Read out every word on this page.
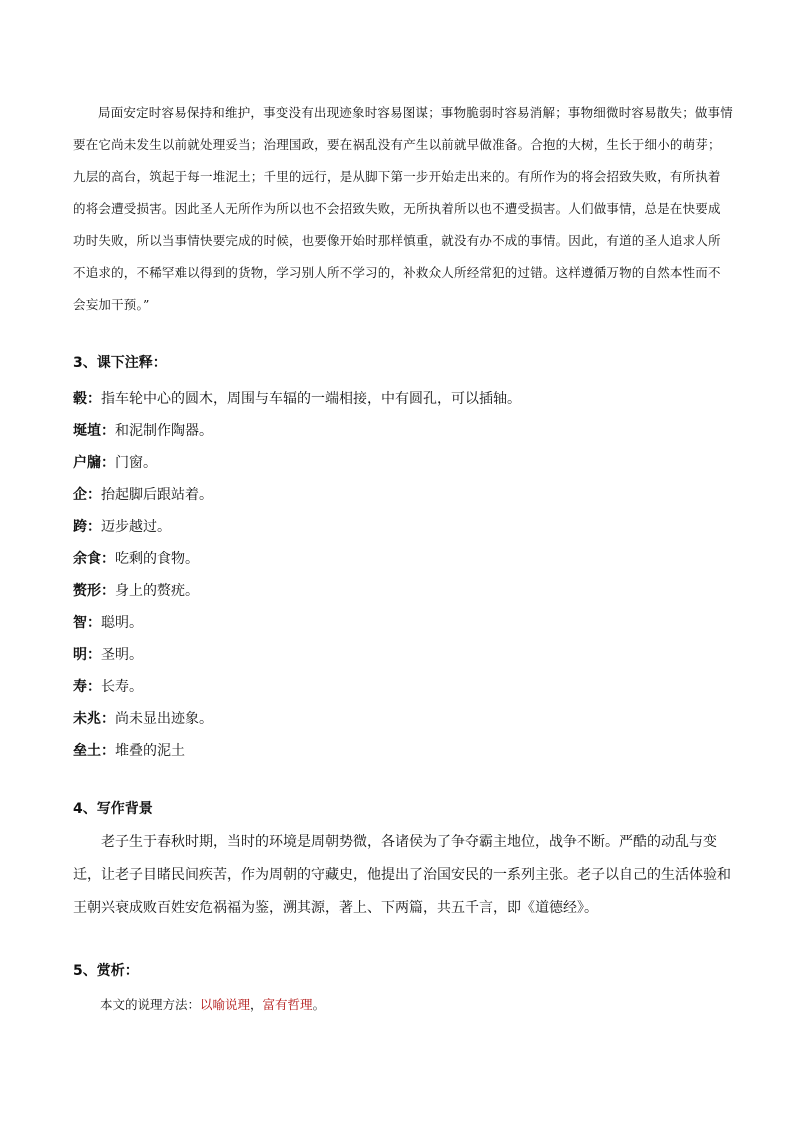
局面安定时容易保持和维护，事变没有出现迹象时容易图谋；事物脆弱时容易消解；事物细微时容易散失；做事情要在它尚未发生以前就处理妥当；治理国政，要在祸乱没有产生以前就早做准备。合抱的大树，生长于细小的萌芽；九层的高台，筑起于每一堆泥土；千里的远行，是从脚下第一步开始走出来的。有所作为的将会招致失败，有所执着的将会遭受损害。因此圣人无所作为所以也不会招致失败，无所执着所以也不遭受损害。人们做事情，总是在快要成功时失败，所以当事情快要完成的时候，也要像开始时那样慎重，就没有办不成的事情。因此，有道的圣人追求人所不追求的，不稀罕难以得到的货物，学习别人所不学习的，补救众人所经常犯的过错。这样遵循万物的自然本性而不会妄加干预。”

3、课下注释：
毂：指车轮中心的圆木，周围与车辐的一端相接，中有圆孔，可以插轴。
埏埴：和泥制作陶器。
户牖：门窗。
企：抬起脚后跟站着。
跨：迈步越过。
余食：吃剩的食物。
赘形：身上的赘疣。
智：聪明。
明：圣明。
寿：长寿。
未兆：尚未显出迹象。
垒土：堆叠的泥土
4、写作背景

老子生于春秋时期，当时的环境是周朝势微，各诸侯为了争夺霸主地位，战争不断。严酷的动乱与变迁，让老子目睹民间疾苦，作为周朝的守藏史，他提出了治国安民的一系列主张。老子以自己的生活体验和王朝兴衰成败百姓安危祸福为鉴，溯其源，著上、下两篇，共五千言，即《道德经》。

5、赏析：
本文的说理方法：以喻说理，富有哲理。
